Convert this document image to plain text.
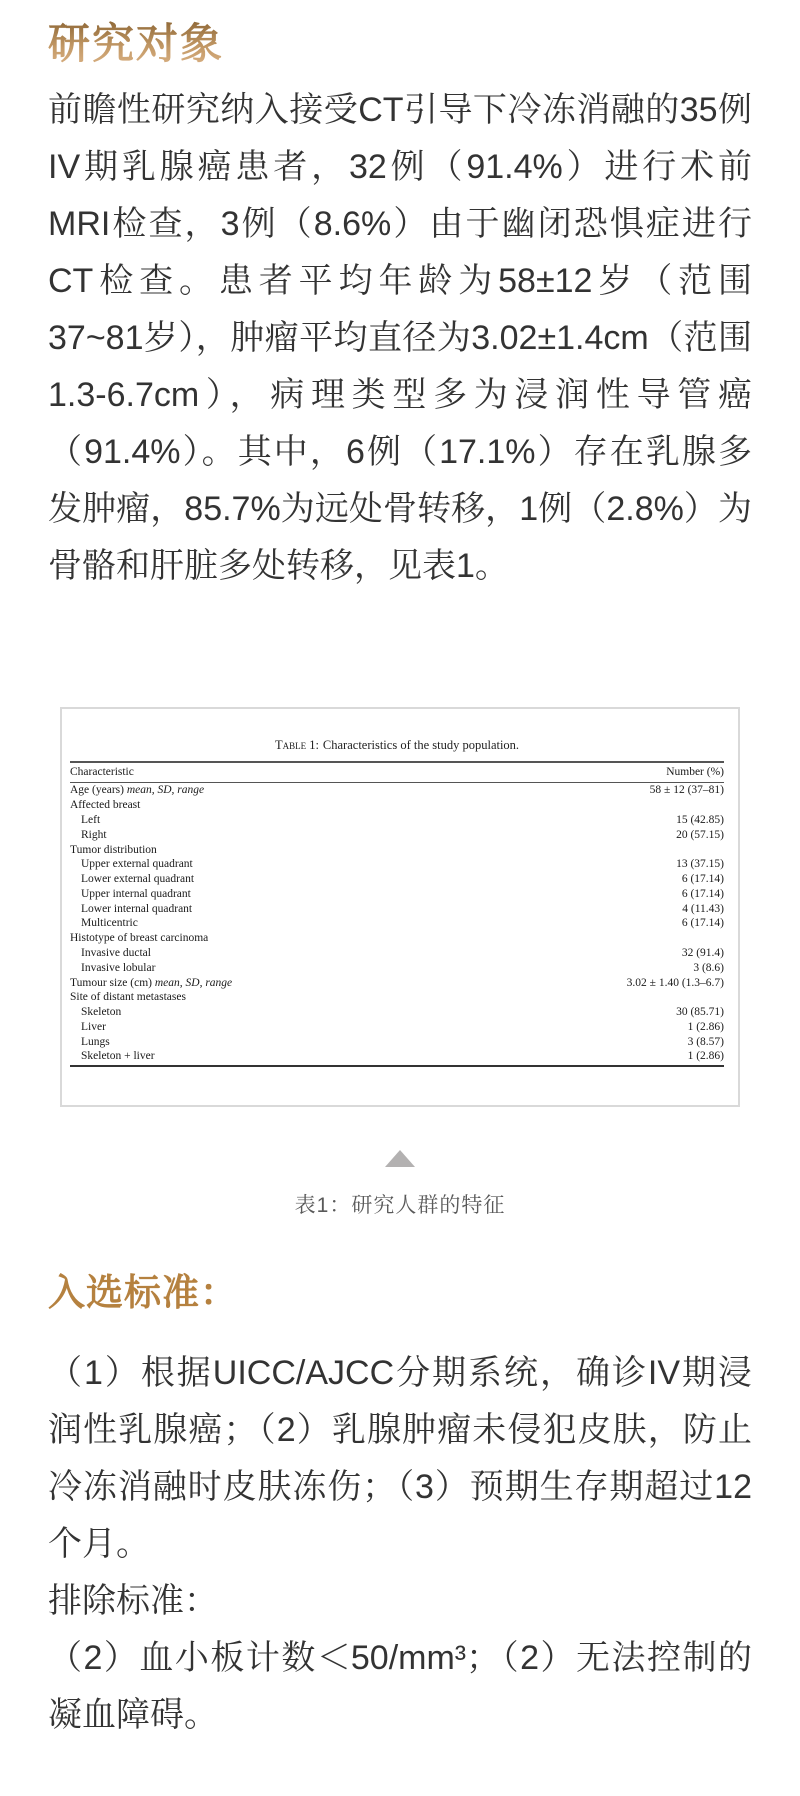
研究对象

前瞻性研究纳入接受CT引导下冷冻消融的35例IV期乳腺癌患者，32例（91.4%）进行术前MRI检查，3例（8.6%）由于幽闭恐惧症进行CT检查。患者平均年龄为58±12岁（范围37~81岁），肿瘤平均直径为3.02±1.4cm（范围1.3-6.7cm），病理类型多为浸润性导管癌（91.4%）。其中，6例（17.1%）存在乳腺多发肿瘤，85.7%为远处骨转移，1例（2.8%）为骨骼和肝脏多处转移，见表1。

Table 1: Characteristics of the study population.
Characteristic	Number (%)
Age (years) mean, SD, range	58 ± 12 (37–81)
Affected breast	
Left	15 (42.85)
Right	20 (57.15)
Tumor distribution	
Upper external quadrant	13 (37.15)
Lower external quadrant	6 (17.14)
Upper internal quadrant	6 (17.14)
Lower internal quadrant	4 (11.43)
Multicentric	6 (17.14)
Histotype of breast carcinoma	
Invasive ductal	32 (91.4)
Invasive lobular	3 (8.6)
Tumour size (cm) mean, SD, range	3.02 ± 1.40 (1.3–6.7)
Site of distant metastases	
Skeleton	30 (85.71)
Liver	1 (2.86)
Lungs	3 (8.57)
Skeleton + liver	1 (2.86)
表1：研究人群的特征
入选标准：

（1）根据UICC/AJCC分期系统，确诊IV期浸润性乳腺癌；（2）乳腺肿瘤未侵犯皮肤，防止冷冻消融时皮肤冻伤；（3）预期生存期超过12个月。

排除标准：

（2）血小板计数＜50/mm³；（2）无法控制的凝血障碍。
